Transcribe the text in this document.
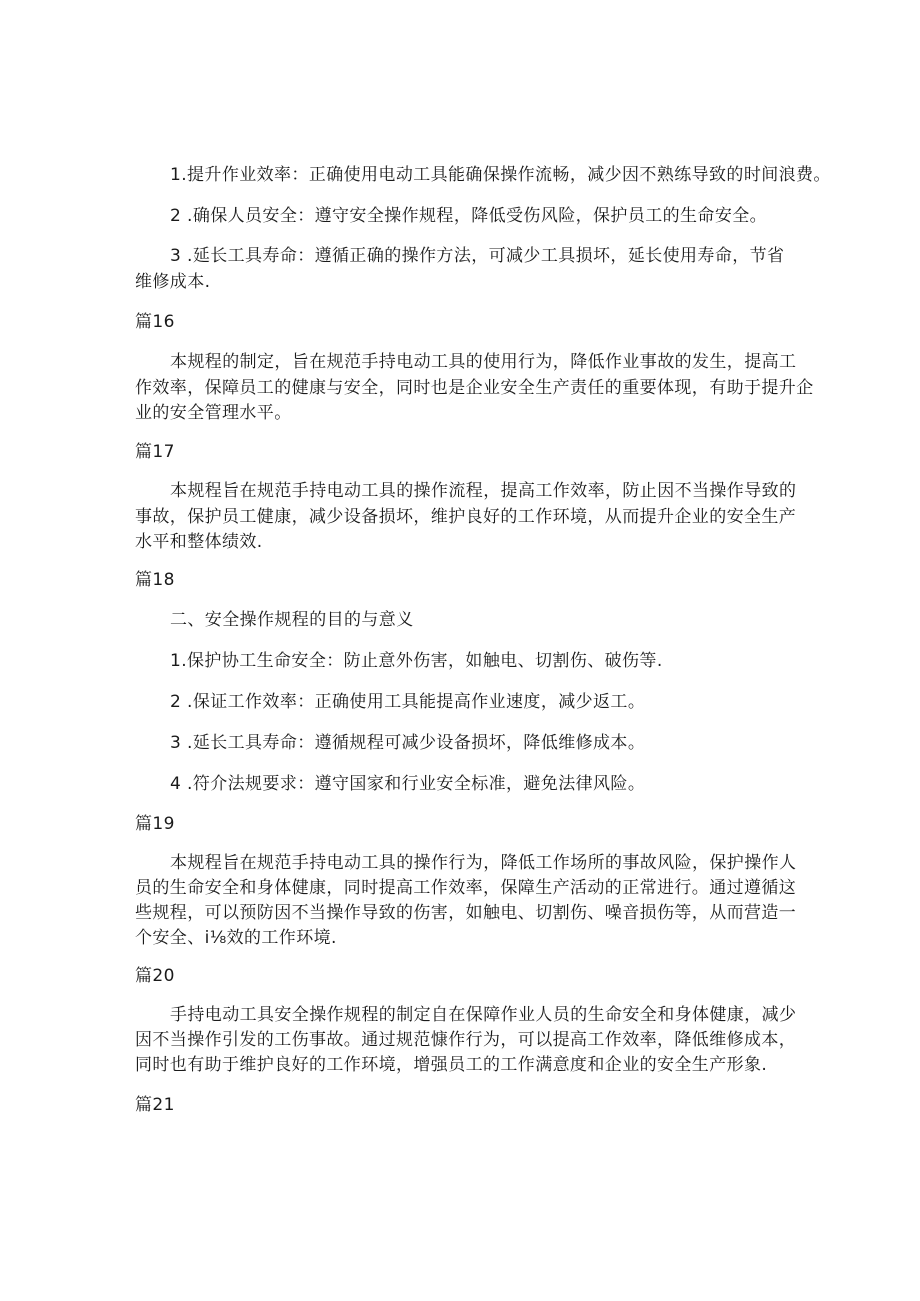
1.提升作业效率：正确使用电动工具能确保操作流畅，减少因不熟练导致的时间浪费。
2 .确保人员安全：遵守安全操作规程，降低受伤风险，保护员工的生命安全。
3 .延长工具寿命：遵循正确的操作方法，可减少工具损坏，延长使用寿命，节省
维修成本.
篇16
本规程的制定，旨在规范手持电动工具的使用行为，降低作业事故的发生，提高工
作效率，保障员工的健康与安全，同时也是企业安全生产责任的重要体现，有助于提升企
业的安全管理水平。
篇17
本规程旨在规范手持电动工具的操作流程，提高工作效率，防止因不当操作导致的
事故，保护员工健康，减少设备损坏，维护良好的工作环境，从而提升企业的安全生产
水平和整体绩效.
篇18
二、安全操作规程的目的与意义
1.保护协工生命安全：防止意外伤害，如触电、切割伤、破伤等.
2 .保证工作效率：正确使用工具能提高作业速度，减少返工。
3 .延长工具寿命：遵循规程可减少设备损坏，降低维修成本。
4 .符介法规要求：遵守国家和行业安全标准，避免法律风险。
篇19
本规程旨在规范手持电动工具的操作行为，降低工作场所的事故风险，保护操作人
员的生命安全和身体健康，同时提高工作效率，保障生产活动的正常进行。通过遵循这
些规程，可以预防因不当操作导致的伤害，如触电、切割伤、噪音损伤等，从而营造一
个安全、i⅛效的工作环境.
篇20
手持电动工具安全操作规程的制定自在保障作业人员的生命安全和身体健康，减少
因不当操作引发的工伤事故。通过规范慷作行为，可以提高工作效率，降低维修成本，
同时也有助于维护良好的工作环境，增强员工的工作满意度和企业的安全生产形象.
篇21
